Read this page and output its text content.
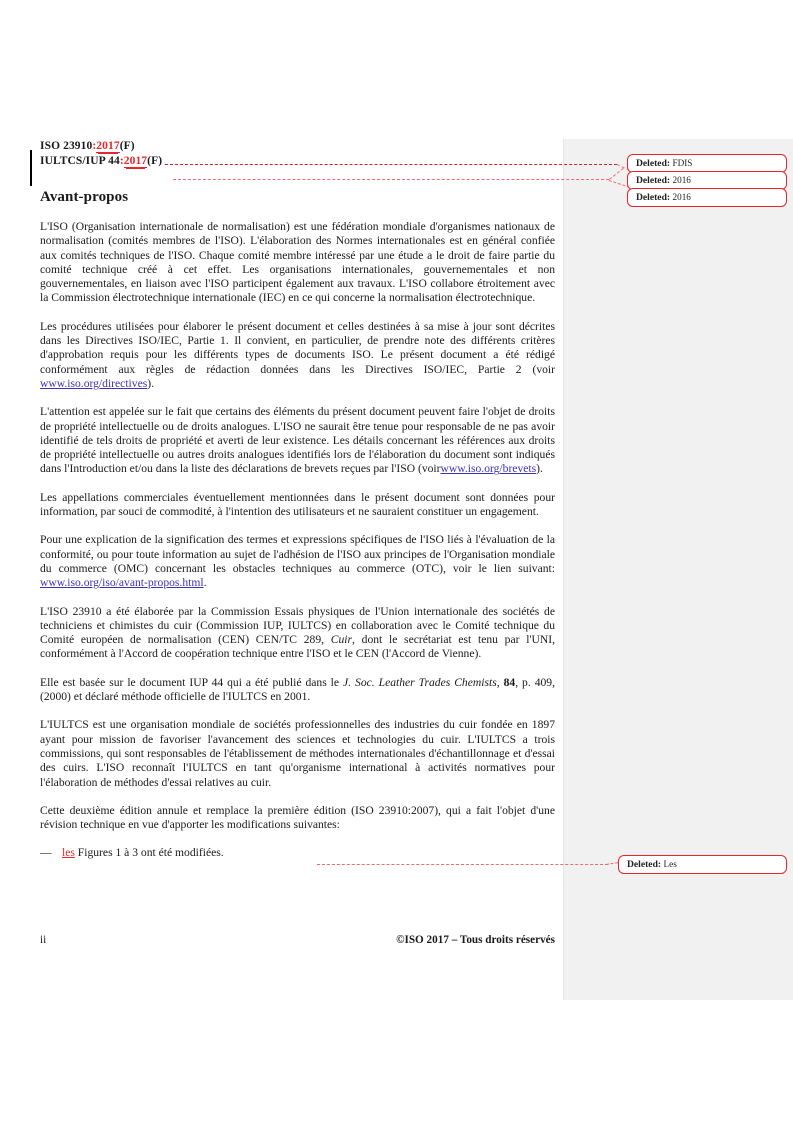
Deleted: FDIS
Deleted: 2016
Deleted: 2016
Deleted: Les
ISO 23910:2017(F)
IULTCS/IUP 44:2017(F)
Avant-propos

L'ISO (Organisation internationale de normalisation) est une fédération mondiale d'organismes nationaux de normalisation (comités membres de l'ISO). L'élaboration des Normes internationales est en général confiée aux comités techniques de l'ISO. Chaque comité membre intéressé par une étude a le droit de faire partie du comité technique créé à cet effet. Les organisations internationales, gouvernementales et non gouvernementales, en liaison avec l'ISO participent également aux travaux. L'ISO collabore étroitement avec la Commission électrotechnique internationale (IEC) en ce qui concerne la normalisation électrotechnique.

Les procédures utilisées pour élaborer le présent document et celles destinées à sa mise à jour sont décrites dans les Directives ISO/IEC, Partie 1. Il convient, en particulier, de prendre note des différents critères d'approbation requis pour les différents types de documents ISO. Le présent document a été rédigé conformément aux règles de rédaction données dans les Directives ISO/IEC, Partie 2 (voir www.iso.org/directives).

L'attention est appelée sur le fait que certains des éléments du présent document peuvent faire l'objet de droits de propriété intellectuelle ou de droits analogues. L'ISO ne saurait être tenue pour responsable de ne pas avoir identifié de tels droits de propriété et averti de leur existence. Les détails concernant les références aux droits de propriété intellectuelle ou autres droits analogues identifiés lors de l'élaboration du document sont indiqués dans l'Introduction et/ou dans la liste des déclarations de brevets reçues par l'ISO (voirwww.iso.org/brevets).

Les appellations commerciales éventuellement mentionnées dans le présent document sont données pour information, par souci de commodité, à l'intention des utilisateurs et ne sauraient constituer un engagement.

Pour une explication de la signification des termes et expressions spécifiques de l'ISO liés à l'évaluation de la conformité, ou pour toute information au sujet de l'adhésion de l'ISO aux principes de l'Organisation mondiale du commerce (OMC) concernant les obstacles techniques au commerce (OTC), voir le lien suivant: www.iso.org/iso/avant-propos.html.

L'ISO 23910 a été élaborée par la Commission Essais physiques de l'Union internationale des sociétés de techniciens et chimistes du cuir (Commission IUP, IULTCS) en collaboration avec le Comité technique du Comité européen de normalisation (CEN) CEN/TC 289, Cuir, dont le secrétariat est tenu par l'UNI, conformément à l'Accord de coopération technique entre l'ISO et le CEN (l'Accord de Vienne).

Elle est basée sur le document IUP 44 qui a été publié dans le J. Soc. Leather Trades Chemists, 84, p. 409, (2000) et déclaré méthode officielle de l'IULTCS en 2001.

L'IULTCS est une organisation mondiale de sociétés professionnelles des industries du cuir fondée en 1897 ayant pour mission de favoriser l'avancement des sciences et technologies du cuir. L'IULTCS a trois commissions, qui sont responsables de l'établissement de méthodes internationales d'échantillonnage et d'essai des cuirs. L'ISO reconnaît l'IULTCS en tant qu'organisme international à activités normatives pour l'élaboration de méthodes d'essai relatives au cuir.

Cette deuxième édition annule et remplace la première édition (ISO 23910:2007), qui a fait l'objet d'une révision technique en vue d'apporter les modifications suivantes:

— les Figures 1 à 3 ont été modifiées.
ii	©ISO 2017 – Tous droits réservés
